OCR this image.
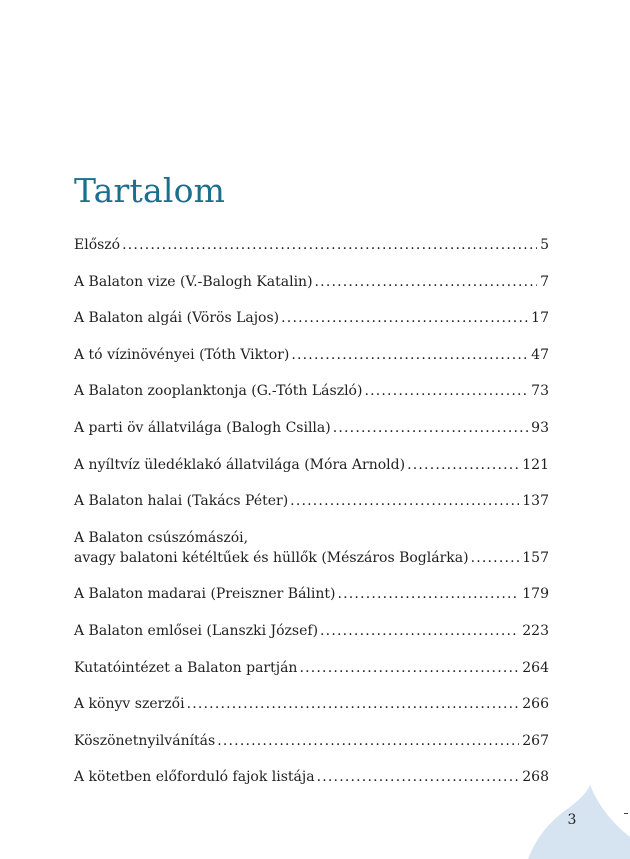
Tartalom
Előszó .....	5
A Balaton vize (V.-Balogh Katalin) .....	7
A Balaton algái (Vörös Lajos) .....	17
A tó vízinövényei (Tóth Viktor) .....	47
A Balaton zooplanktonja (G.-Tóth László) .....	73
A parti öv állatvilága (Balogh Csilla) .....	93
A nyíltvíz üledéklakó állatvilága (Móra Arnold) .....	121
A Balaton halai (Takács Péter) .....	137
A Balaton csúszómászói,
avagy balatoni kétéltűek és hüllők (Mészáros Boglárka) .....	157
A Balaton madarai (Preiszner Bálint) .....	179
A Balaton emlősei (Lanszki József) .....	223
Kutatóintézet a Balaton partján .....	264
A könyv szerzői .....	266
Köszönetnyilvánítás .....	267
A kötetben előforduló fajok listája .....	268
3
